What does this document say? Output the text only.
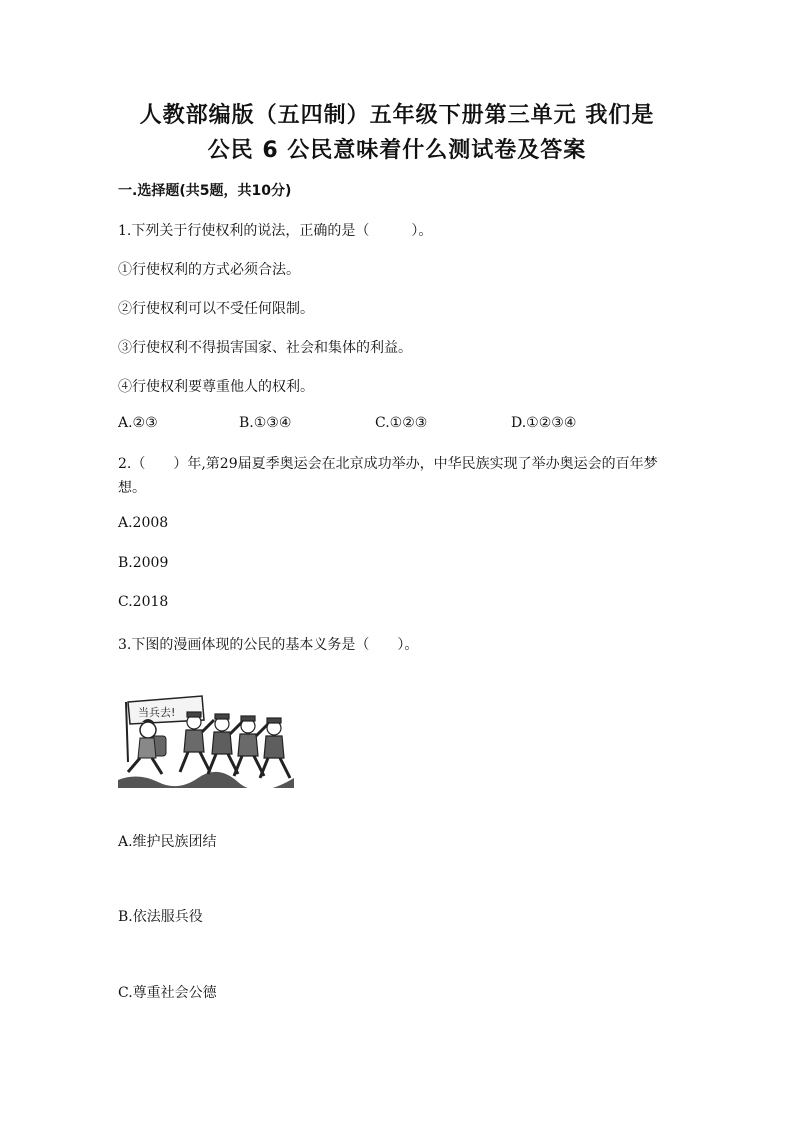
人教部编版（五四制）五年级下册第三单元 我们是
公民 6 公民意味着什么测试卷及答案
一.选择题(共5题，共10分)
1.下列关于行使权利的说法，正确的是（　　　）。
①行使权利的方式必须合法。
②行使权利可以不受任何限制。
③行使权利不得损害国家、社会和集体的利益。
④行使权利要尊重他人的权利。
A.②③	B.①③④	C.①②③	D.①②③④
2.（　　）年,第29届夏季奥运会在北京成功举办，中华民族实现了举办奥运会的百年梦想。
A.2008
B.2009
C.2018
3.下图的漫画体现的公民的基本义务是（　　）。
当兵去!
A.维护民族团结
B.依法服兵役
C.尊重社会公德
